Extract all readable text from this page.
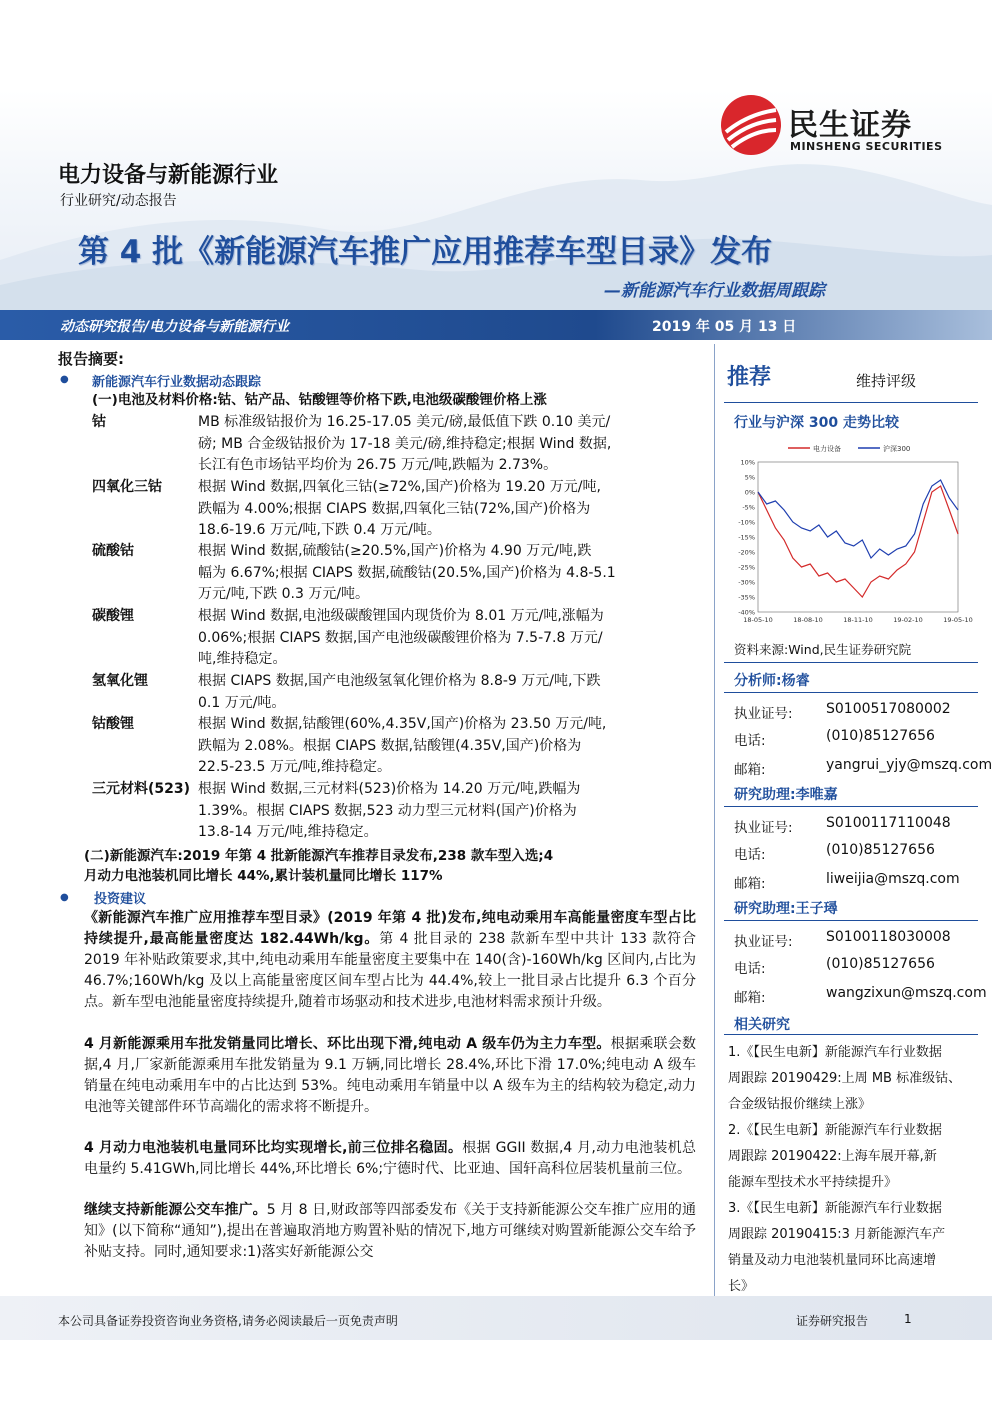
民生证券
MINSHENG SECURITIES
电力设备与新能源行业
行业研究/动态报告
第 4 批《新能源汽车推广应用推荐车型目录》发布
—新能源汽车行业数据周跟踪
动态研究报告/电力设备与新能源行业	2019 年 05 月 13 日
报告摘要:
● 新能源汽车行业数据动态跟踪
(一)电池及材料价格:钴、钴产品、钴酸锂等价格下跌,电池级碳酸锂价格上涨
钴	MB 标准级钴报价为 16.25-17.05 美元/磅,最低值下跌 0.10 美元/
磅; MB 合金级钴报价为 17-18 美元/磅,维持稳定;根据 Wind 数据,
长江有色市场钴平均价为 26.75 万元/吨,跌幅为 2.73%。
四氧化三钴	根据 Wind 数据,四氧化三钴(≥72%,国产)价格为 19.20 万元/吨,
跌幅为 4.00%;根据 CIAPS 数据,四氧化三钴(72%,国产)价格为
18.6-19.6 万元/吨,下跌 0.4 万元/吨。
硫酸钴	根据 Wind 数据,硫酸钴(≥20.5%,国产)价格为 4.90 万元/吨,跌
幅为 6.67%;根据 CIAPS 数据,硫酸钴(20.5%,国产)价格为 4.8-5.1
万元/吨,下跌 0.3 万元/吨。
碳酸锂	根据 Wind 数据,电池级碳酸锂国内现货价为 8.01 万元/吨,涨幅为
0.06%;根据 CIAPS 数据,国产电池级碳酸锂价格为 7.5-7.8 万元/
吨,维持稳定。
氢氧化锂	根据 CIAPS 数据,国产电池级氢氧化锂价格为 8.8-9 万元/吨,下跌
0.1 万元/吨。
钴酸锂	根据 Wind 数据,钴酸锂(60%,4.35V,国产)价格为 23.50 万元/吨,
跌幅为 2.08%。根据 CIAPS 数据,钴酸锂(4.35V,国产)价格为
22.5-23.5 万元/吨,维持稳定。
三元材料(523) 根据 Wind 数据,三元材料(523)价格为 14.20 万元/吨,跌幅为
1.39%。根据 CIAPS 数据,523 动力型三元材料(国产)价格为
13.8-14 万元/吨,维持稳定。
(二)新能源汽车:2019 年第 4 批新能源汽车推荐目录发布,238 款车型入选;4
月动力电池装机同比增长 44%,累计装机量同比增长 117%
● 投资建议
《新能源汽车推广应用推荐车型目录》(2019 年第 4 批)发布,纯电动乘用车高能量密度车型占比持续提升,最高能量密度达 182.44Wh/kg。第 4 批目录的 238 款新车型中共计 133 款符合 2019 年补贴政策要求,其中,纯电动乘用车能量密度主要集中在 140(含)-160Wh/kg 区间内,占比为 46.7%;160Wh/kg 及以上高能量密度区间车型占比为 44.4%,较上一批目录占比提升 6.3 个百分点。新车型电池能量密度持续提升,随着市场驱动和技术进步,电池材料需求预计升级。
4 月新能源乘用车批发销量同比增长、环比出现下滑,纯电动 A 级车仍为主力车型。根据乘联会数据,4 月,厂家新能源乘用车批发销量为 9.1 万辆,同比增长 28.4%,环比下滑 17.0%;纯电动 A 级车销量在纯电动乘用车中的占比达到 53%。纯电动乘用车销量中以 A 级车为主的结构较为稳定,动力电池等关键部件环节高端化的需求将不断提升。
4 月动力电池装机电量同环比均实现增长,前三位排名稳固。根据 GGII 数据,4 月,动力电池装机总电量约 5.41GWh,同比增长 44%,环比增长 6%;宁德时代、比亚迪、国轩高科位居装机量前三位。
继续支持新能源公交车推广。5 月 8 日,财政部等四部委发布《关于支持新能源公交车推广应用的通知》(以下简称“通知”),提出在普遍取消地方购置补贴的情况下,地方可继续对购置新能源公交车给予补贴支持。同时,通知要求:1)落实好新能源公交
推荐	维持评级
行业与沪深 300 走势比较
10%
5%
0%
-5%
-10%
-15%
-20%
-25%
-30%
-35%
-40%
18-05-10	18-08-10	18-11-10	19-02-10	19-05-10
电力设备	沪深300
资料来源:Wind,民生证券研究院
分析师:杨睿
执业证号: S0100517080002
电话:	(010)85127656
邮箱:	yangrui_yjy@mszq.com
研究助理:李唯嘉
执业证号: S0100117110048
电话:	(010)85127656
邮箱:	liweijia@mszq.com
研究助理:王子璕
执业证号: S0100118030008
电话:	(010)85127656
邮箱:	wangzixun@mszq.com
相关研究
1.《【民生电新】新能源汽车行业数据
周跟踪 20190429:上周 MB 标准级钴、
合金级钴报价继续上涨》
2.《【民生电新】新能源汽车行业数据
周跟踪 20190422:上海车展开幕,新
能源车型技术水平持续提升》
3.《【民生电新】新能源汽车行业数据
周跟踪 20190415:3 月新能源汽车产
销量及动力电池装机量同环比高速增
长》
本公司具备证券投资咨询业务资格,请务必阅读最后一页免责声明	证券研究报告	1
